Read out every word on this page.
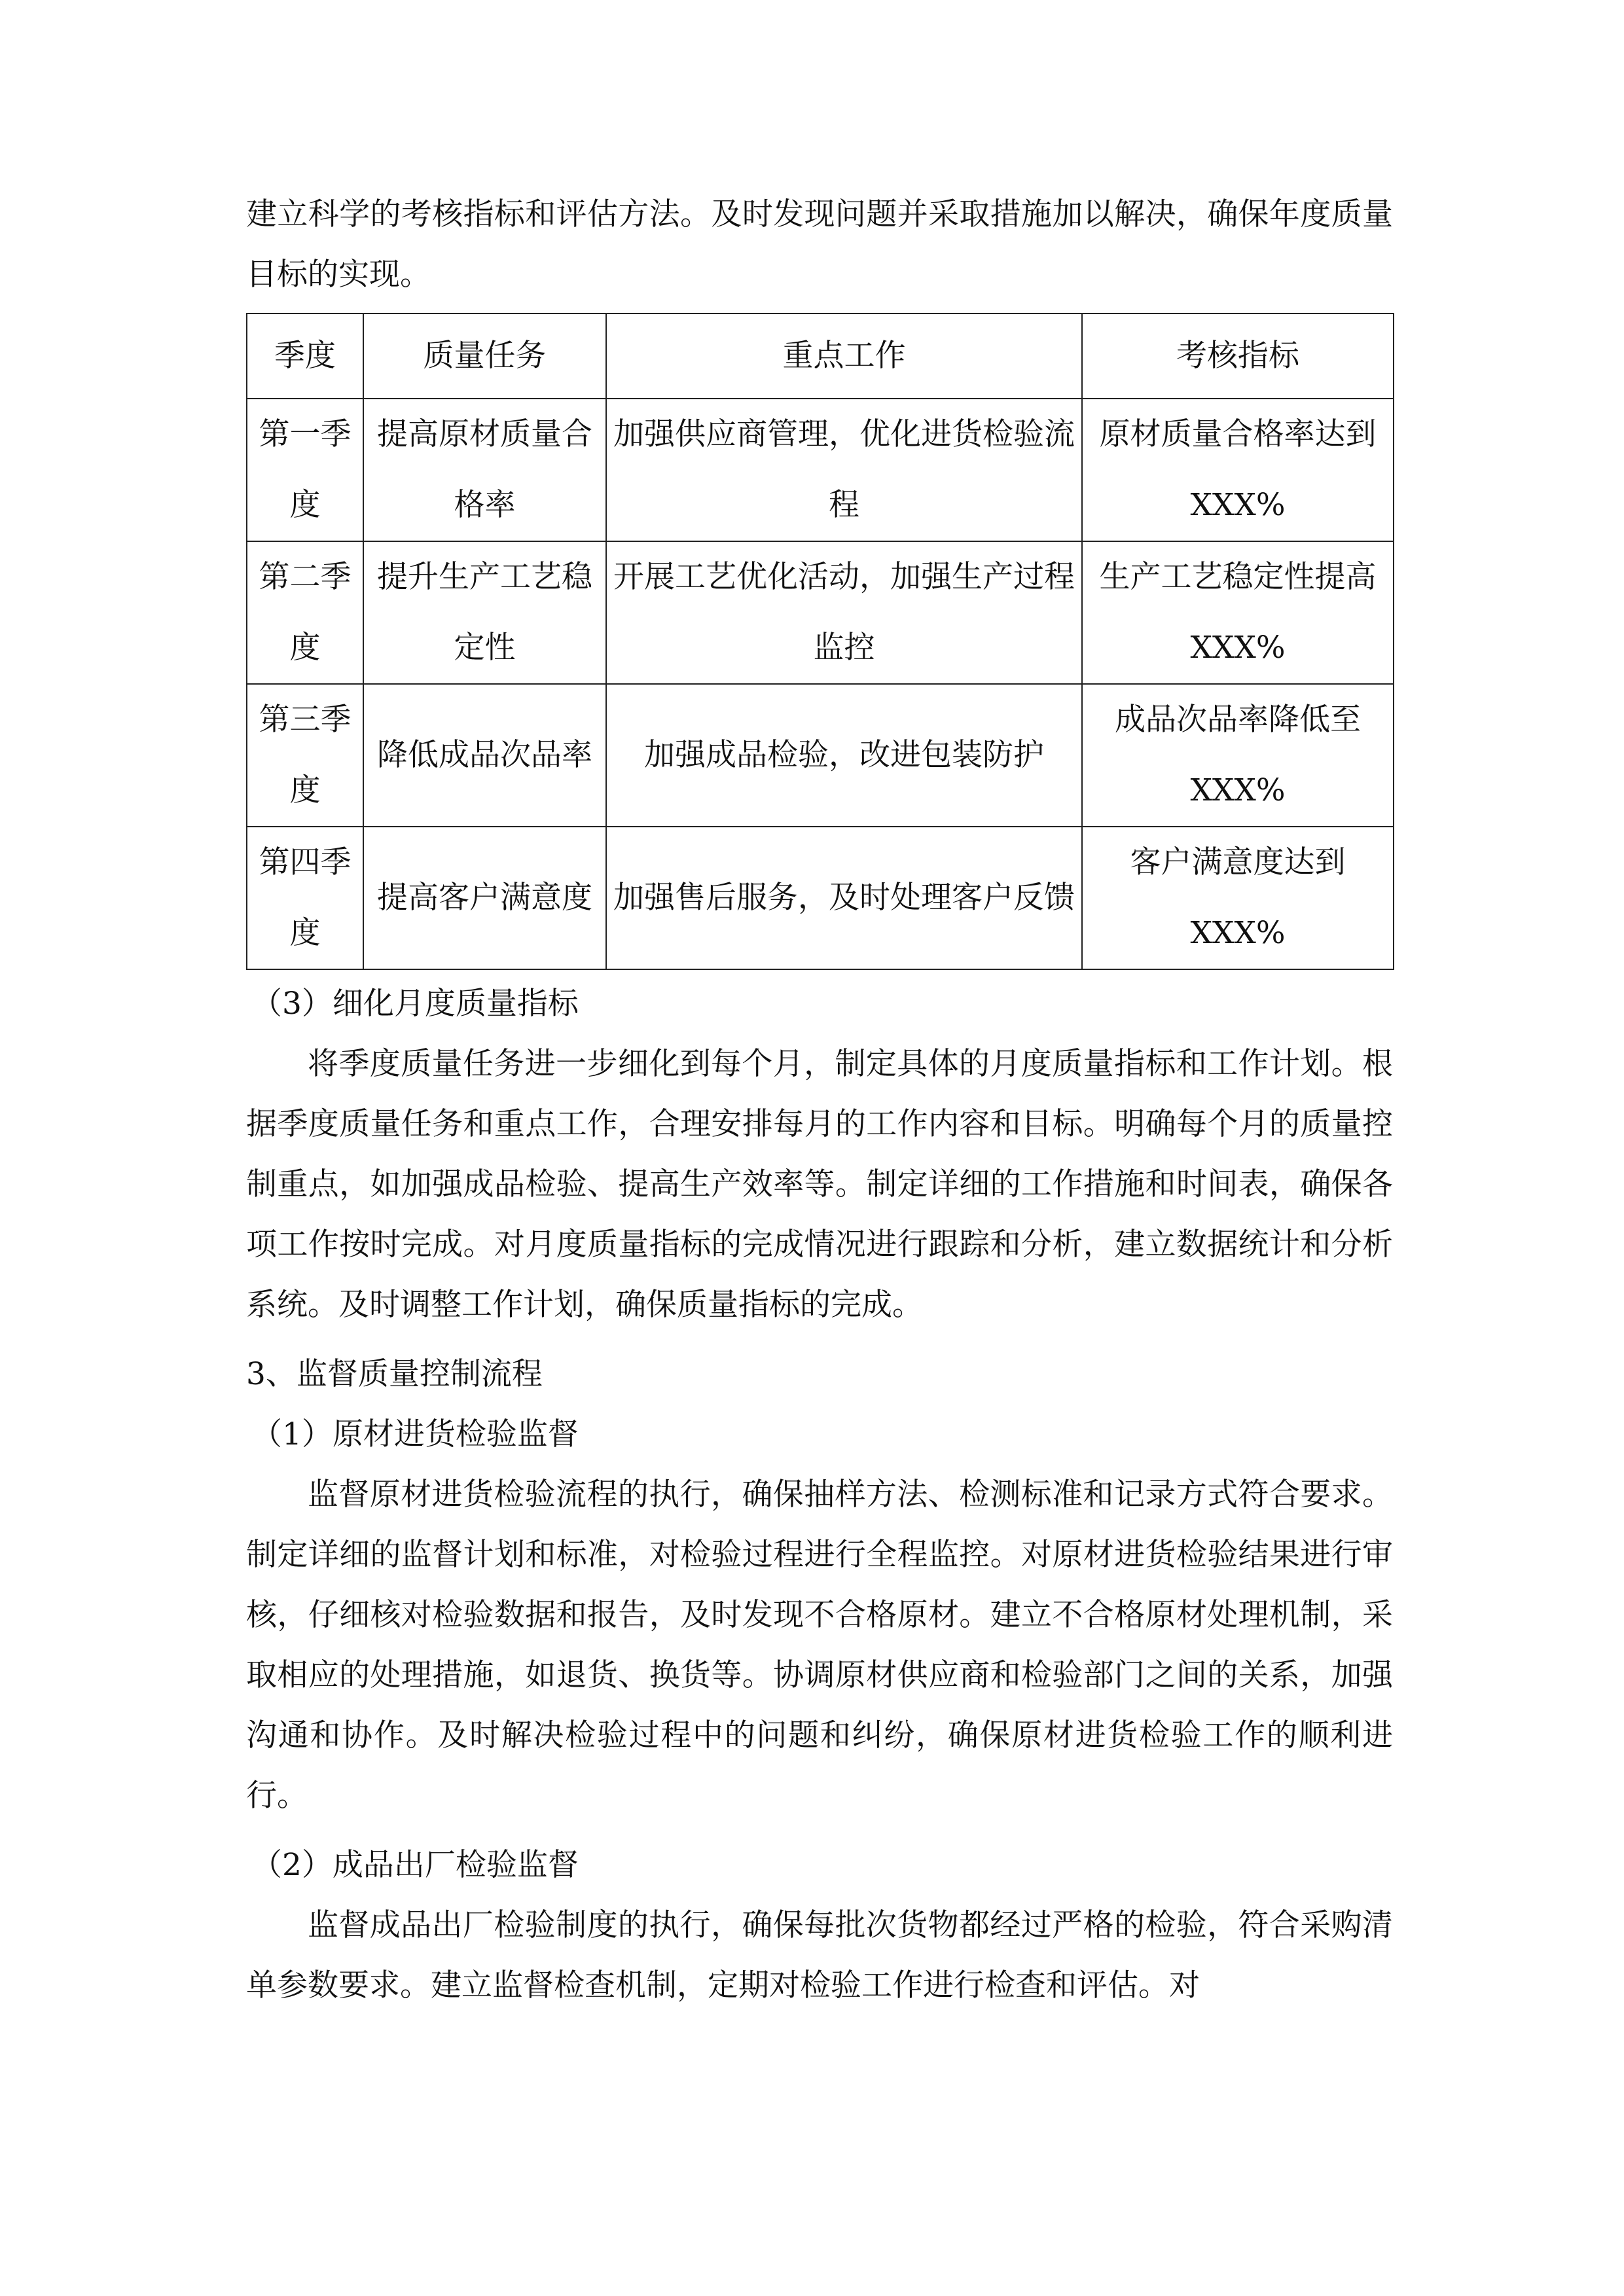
建立科学的考核指标和评估方法。及时发现问题并采取措施加以解决，确保年度质量目标的实现。

季度	质量任务	重点工作	考核指标

第一季度	提高原材质量合格率	加强供应商管理，优化进货检验流程	原材质量合格率达到XXX%

第二季度	提升生产工艺稳定性	开展工艺优化活动，加强生产过程监控	生产工艺稳定性提高XXX%

第三季度	降低成品次品率	加强成品检验，改进包装防护	成品次品率降低至XXX%

第四季度	提高客户满意度	加强售后服务，及时处理客户反馈	客户满意度达到XXX%

（3）细化月度质量指标

将季度质量任务进一步细化到每个月，制定具体的月度质量指标和工作计划。根据季度质量任务和重点工作，合理安排每月的工作内容和目标。明确每个月的质量控制重点，如加强成品检验、提高生产效率等。制定详细的工作措施和时间表，确保各项工作按时完成。对月度质量指标的完成情况进行跟踪和分析，建立数据统计和分析系统。及时调整工作计划，确保质量指标的完成。

3、监督质量控制流程

（1）原材进货检验监督

监督原材进货检验流程的执行，确保抽样方法、检测标准和记录方式符合要求。制定详细的监督计划和标准，对检验过程进行全程监控。对原材进货检验结果进行审核，仔细核对检验数据和报告，及时发现不合格原材。建立不合格原材处理机制，采取相应的处理措施，如退货、换货等。协调原材供应商和检验部门之间的关系，加强沟通和协作。及时解决检验过程中的问题和纠纷，确保原材进货检验工作的顺利进行。

（2）成品出厂检验监督

监督成品出厂检验制度的执行，确保每批次货物都经过严格的检验，符合采购清单参数要求。建立监督检查机制，定期对检验工作进行检查和评估。对
